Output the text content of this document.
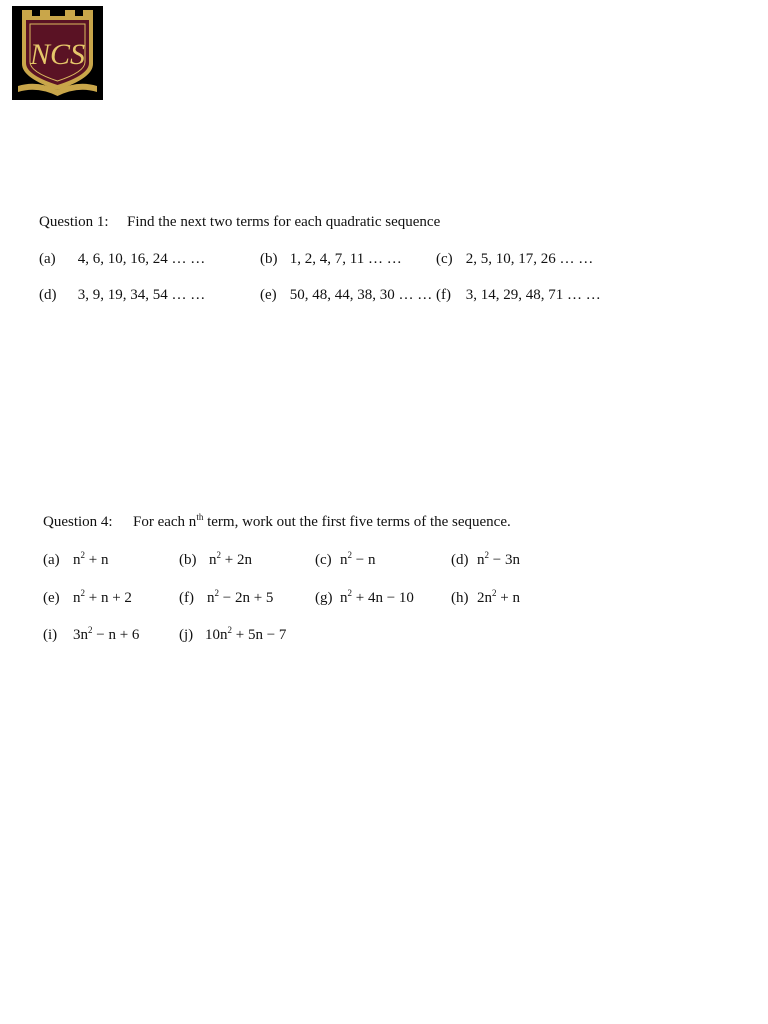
NCS
Question 1: Find the next two terms for each quadratic sequence
(a) 4, 6, 10, 16, 24 … …	(b) 1, 2, 4, 7, 11 … … (c) 2, 5, 10, 17, 26 … …
(d) 3, 9, 19, 34, 54 … …	(e) 50, 48, 44, 38, 30 … … (f) 3, 14, 29, 48, 71 … …
Question 4: For each $n^{th}$ term, work out the first five terms of the sequence.
(a) $n^2 + n$	(b) $n^2 + 2n$	(c) $n^2 - n$	(d) $n^2 - 3n$
(e) $n^2 + n + 2$	(f) $n^2 - 2n + 5$	(g) $n^2 + 4n - 10$ (h) $2n^2 + n$
(i) $3n^2 - n + 6$	(j) $10n^2 + 5n - 7$
